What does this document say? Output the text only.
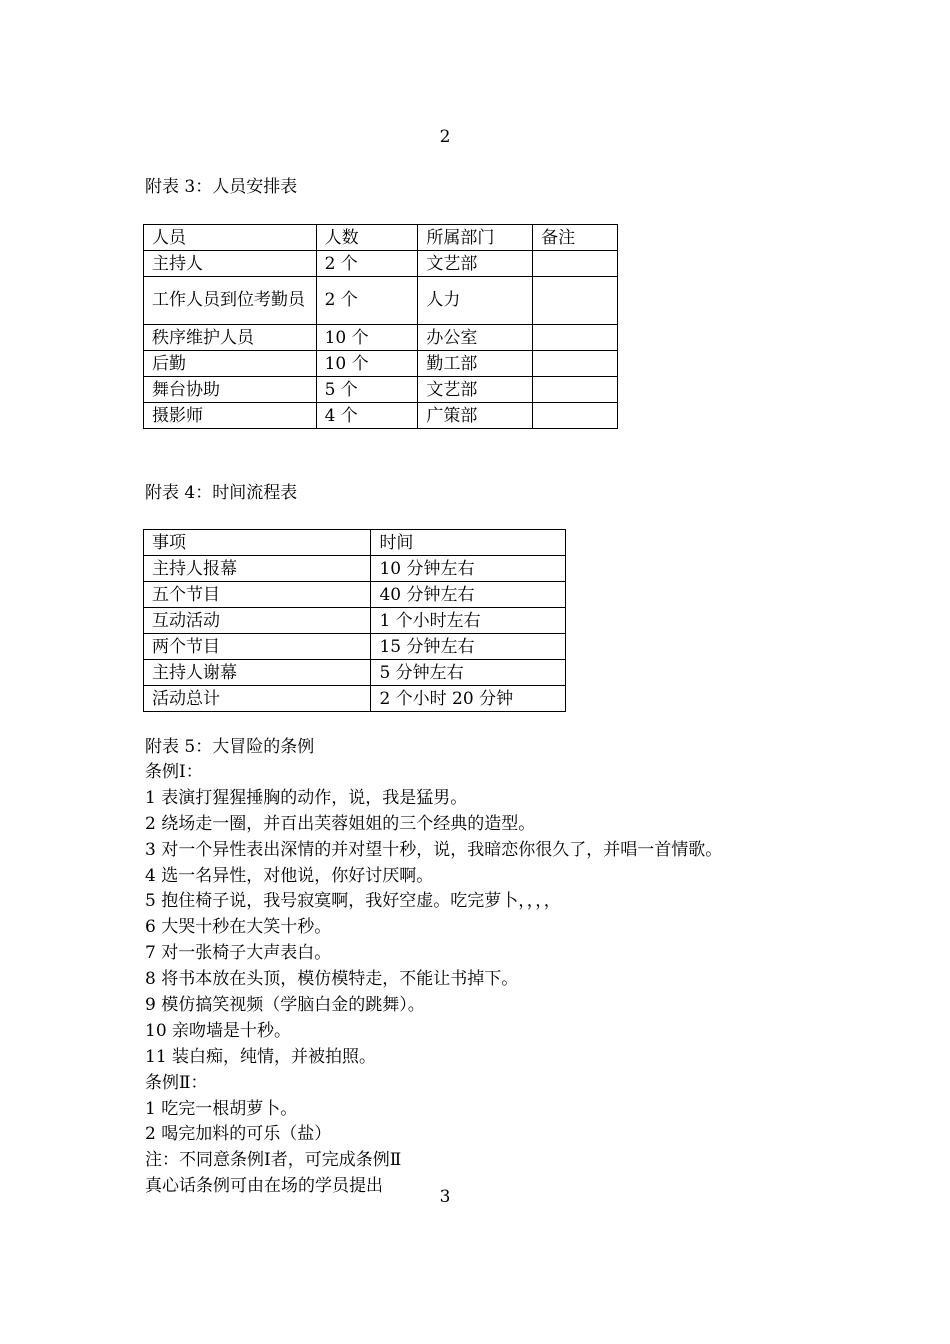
2
附表 3：人员安排表
人员	人数	所属部门	备注
主持人	2 个	文艺部	
工作人员到位考勤员	2 个	人力	
秩序维护人员	10 个	办公室	
后勤	10 个	勤工部	
舞台协助	5 个	文艺部	
摄影师	4 个	广策部	
附表 4：时间流程表
事项	时间
主持人报幕	10 分钟左右
五个节目	40 分钟左右
互动活动	1 个小时左右
两个节目	15 分钟左右
主持人谢幕	5 分钟左右
活动总计	2 个小时 20 分钟
附表 5：大冒险的条例
条例Ⅰ：
1 表演打猩猩捶胸的动作，说，我是猛男。
2 绕场走一圈，并百出芙蓉姐姐的三个经典的造型。
3 对一个异性表出深情的并对望十秒，说，我暗恋你很久了，并唱一首情歌。
4 选一名异性，对他说，你好讨厌啊。
5 抱住椅子说，我号寂寞啊，我好空虚。吃完萝卜，，，，
6 大哭十秒在大笑十秒。
7 对一张椅子大声表白。
8 将书本放在头顶，模仿模特走，不能让书掉下。
9 模仿搞笑视频（学脑白金的跳舞）。
10 亲吻墙是十秒。
11 装白痴，纯情，并被拍照。
条例Ⅱ：
1 吃完一根胡萝卜。
2 喝完加料的可乐（盐）
注：不同意条例Ⅰ者，可完成条例Ⅱ
真心话条例可由在场的学员提出
3
